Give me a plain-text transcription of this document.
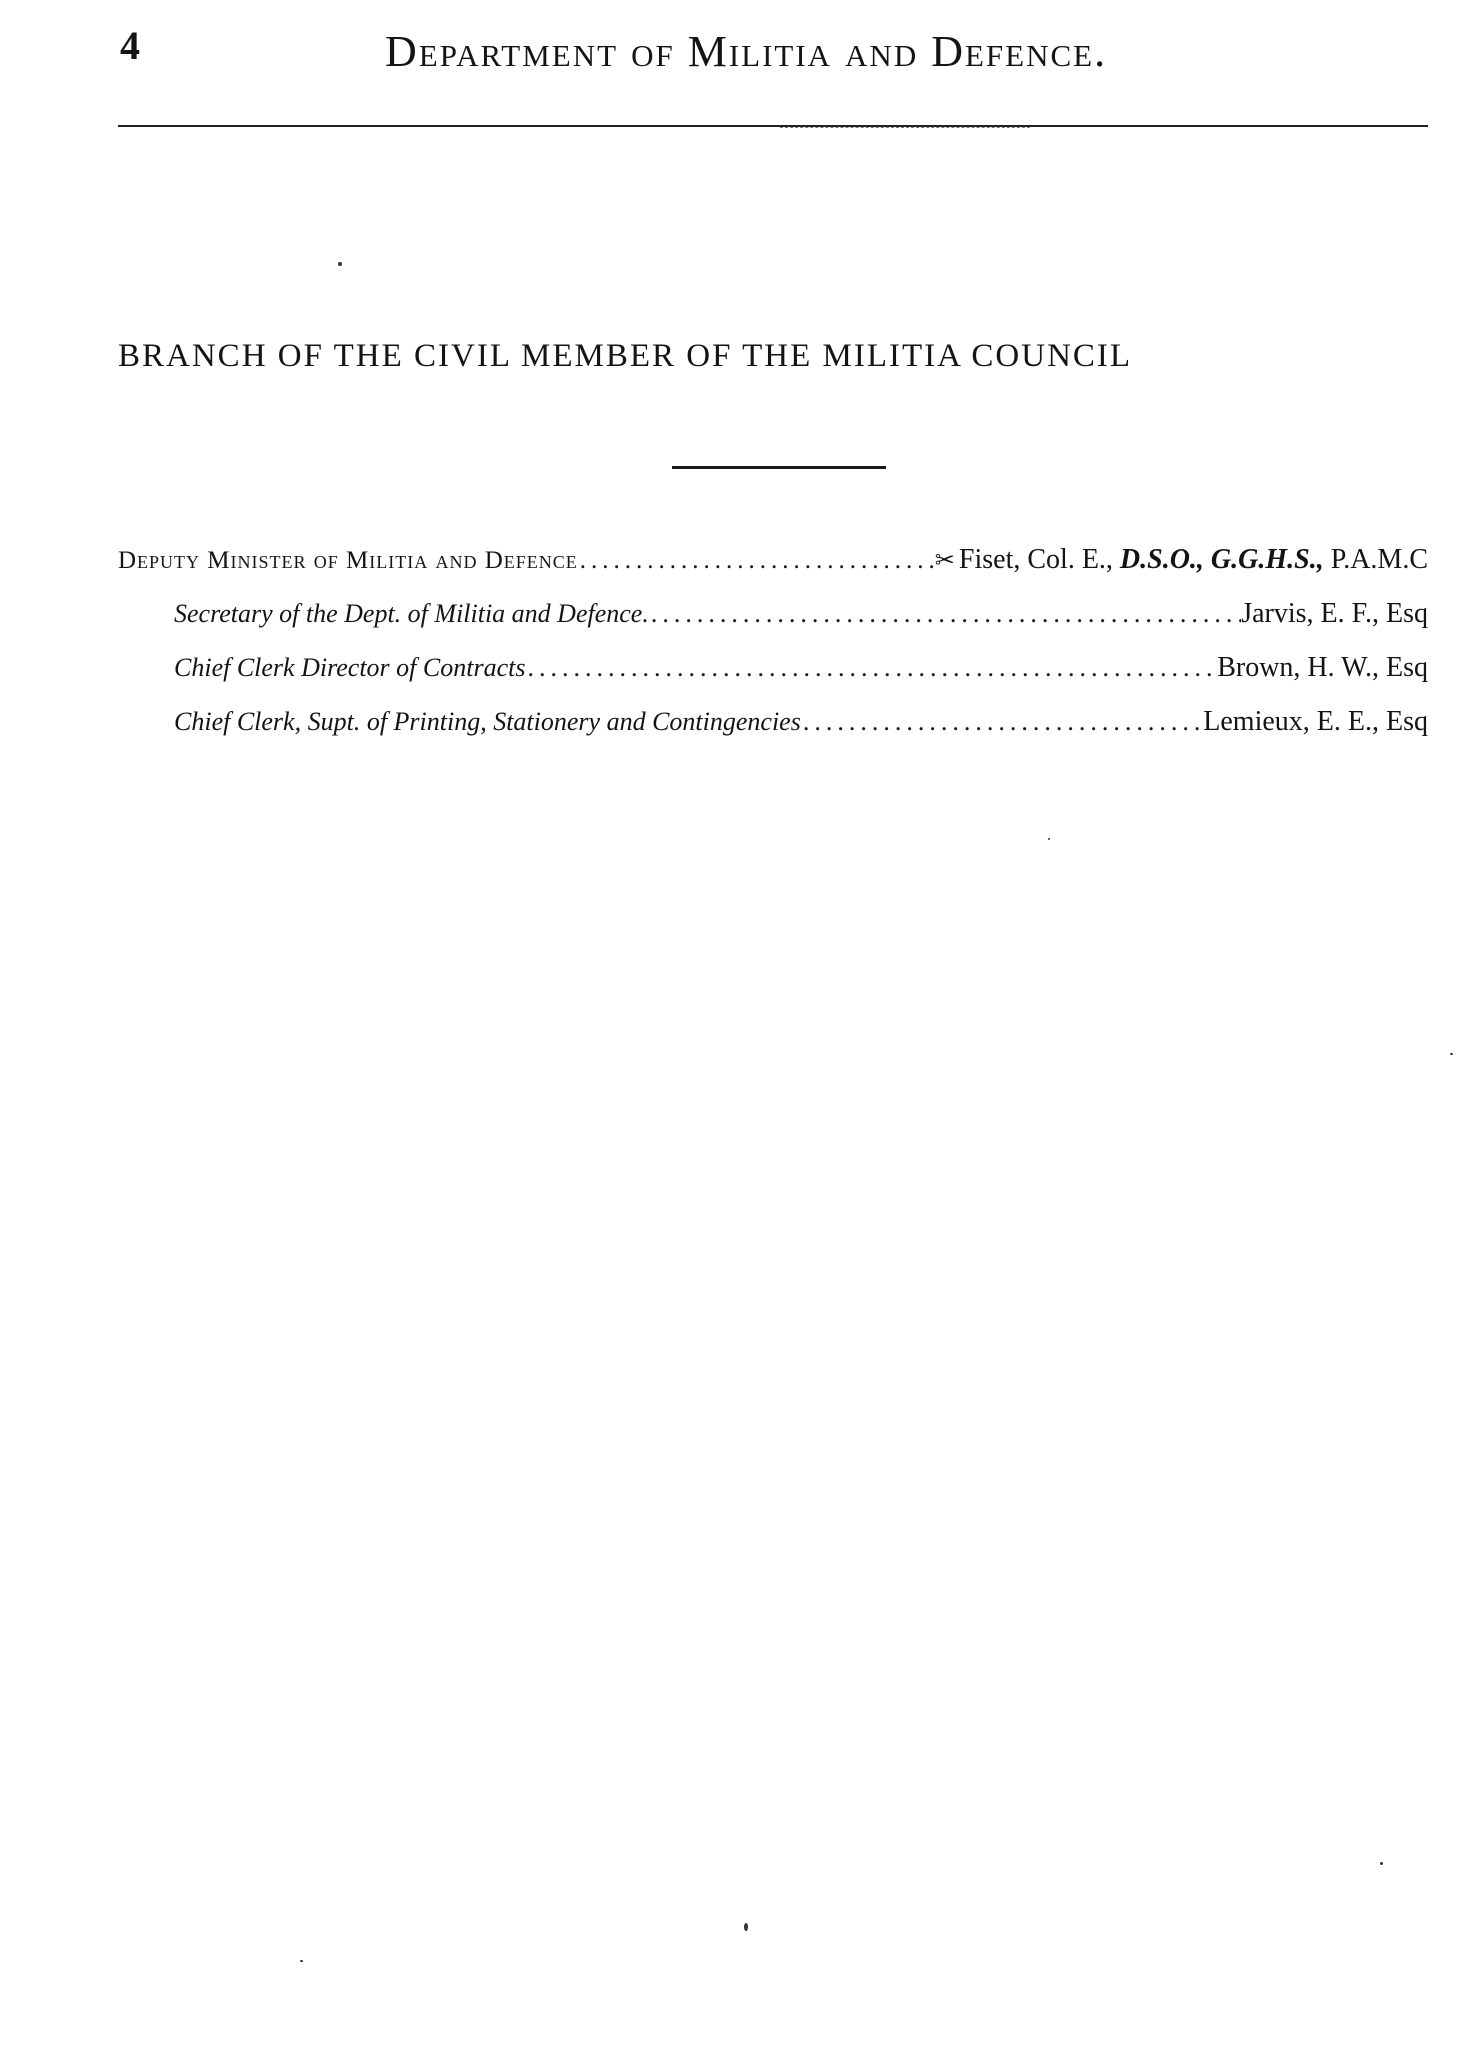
4	Department of Militia and Defence.
BRANCH OF THE CIVIL MEMBER OF THE MILITIA COUNCIL
Deputy Minister of Militia and Defence .....	✂ Fiset, Col. E., D.S.O., G.G.H.S., P.A.M.C
Secretary of the Dept. of Militia and Defence. .....	Jarvis, E. F., Esq
Chief Clerk Director of Contracts .....	Brown, H. W., Esq
Chief Clerk, Supt. of Printing, Stationery and Contingencies .....	Lemieux, E. E., Esq
